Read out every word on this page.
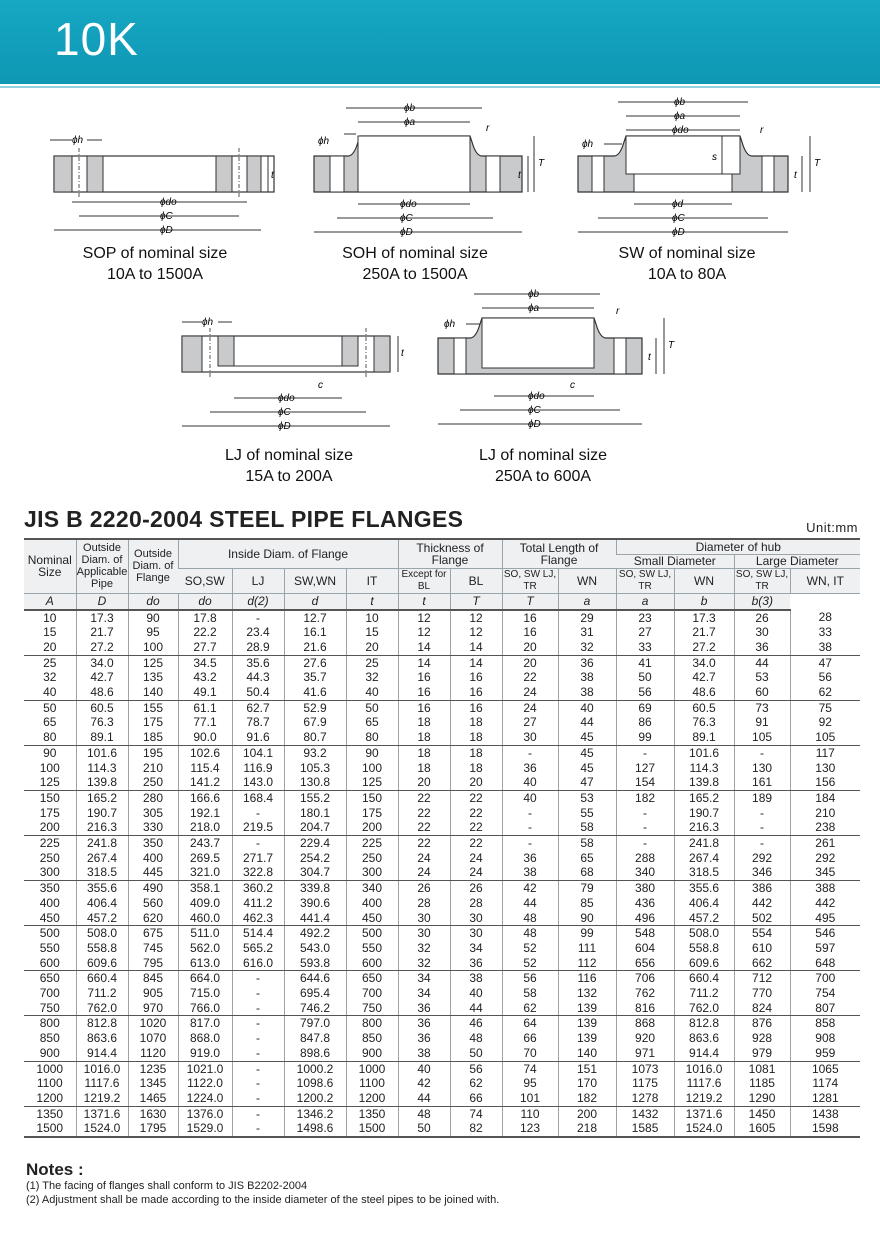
10K
ϕh
t
ϕdo
ϕC
ϕD
SOP of nominal size
10A to 1500A
ϕh
ϕb
ϕa
r
T
t
ϕdo
ϕC
ϕD
SOH of nominal size
250A to 1500A
ϕh
ϕb
ϕa
ϕdo	r
s
T
t
ϕd
ϕC
ϕD
SW of nominal size
10A to 80A
ϕh
t
c
ϕdo
ϕC
ϕD
LJ of nominal size
15A to 200A
ϕh
ϕb
ϕa	r
T
t
c
ϕdo
ϕC
ϕD
LJ of nominal size
250A to 600A
JIS B 2220-2004 STEEL PIPE FLANGES	Unit:mm
Nominal Size	Outside Diam. of Applicable Pipe	Outside Diam. of Flange	Inside Diam. of Flange				Thickness of Flange		Total Length of Flange		Diameter of hub			
											Small Diameter		Large Diameter	
			SO,SW	LJ	SW,WN	IT	Except for BL	BL	SO, SW LJ, TR	WN	SO, SW LJ, TR	WN	SO, SW LJ, TR	WN, IT
A	D	do	do	d(2)	d	t	t	T	T	a	a	b	b(3)	
10	17.3	90	17.8	-	12.7	10	12	12	16	29	23	17.3	26	28
15	21.7	95	22.2	23.4	16.1	15	12	12	16	31	27	21.7	30	33
20	27.2	100	27.7	28.9	21.6	20	14	14	20	32	33	27.2	36	38
25	34.0	125	34.5	35.6	27.6	25	14	14	20	36	41	34.0	44	47
32	42.7	135	43.2	44.3	35.7	32	16	16	22	38	50	42.7	53	56
40	48.6	140	49.1	50.4	41.6	40	16	16	24	38	56	48.6	60	62
50	60.5	155	61.1	62.7	52.9	50	16	16	24	40	69	60.5	73	75
65	76.3	175	77.1	78.7	67.9	65	18	18	27	44	86	76.3	91	92
80	89.1	185	90.0	91.6	80.7	80	18	18	30	45	99	89.1	105	105
90	101.6	195	102.6	104.1	93.2	90	18	18	-	45	-	101.6	-	117
100	114.3	210	115.4	116.9	105.3	100	18	18	36	45	127	114.3	130	130
125	139.8	250	141.2	143.0	130.8	125	20	20	40	47	154	139.8	161	156
150	165.2	280	166.6	168.4	155.2	150	22	22	40	53	182	165.2	189	184
175	190.7	305	192.1	-	180.1	175	22	22	-	55	-	190.7	-	210
200	216.3	330	218.0	219.5	204.7	200	22	22	-	58	-	216.3	-	238
225	241.8	350	243.7	-	229.4	225	22	22	-	58	-	241.8	-	261
250	267.4	400	269.5	271.7	254.2	250	24	24	36	65	288	267.4	292	292
300	318.5	445	321.0	322.8	304.7	300	24	24	38	68	340	318.5	346	345
350	355.6	490	358.1	360.2	339.8	340	26	26	42	79	380	355.6	386	388
400	406.4	560	409.0	411.2	390.6	400	28	28	44	85	436	406.4	442	442
450	457.2	620	460.0	462.3	441.4	450	30	30	48	90	496	457.2	502	495
500	508.0	675	511.0	514.4	492.2	500	30	30	48	99	548	508.0	554	546
550	558.8	745	562.0	565.2	543.0	550	32	34	52	111	604	558.8	610	597
600	609.6	795	613.0	616.0	593.8	600	32	36	52	112	656	609.6	662	648
650	660.4	845	664.0	-	644.6	650	34	38	56	116	706	660.4	712	700
700	711.2	905	715.0	-	695.4	700	34	40	58	132	762	711.2	770	754
750	762.0	970	766.0	-	746.2	750	36	44	62	139	816	762.0	824	807
800	812.8	1020	817.0	-	797.0	800	36	46	64	139	868	812.8	876	858
850	863.6	1070	868.0	-	847.8	850	36	48	66	139	920	863.6	928	908
900	914.4	1120	919.0	-	898.6	900	38	50	70	140	971	914.4	979	959
1000	1016.0	1235	1021.0	-	1000.2	1000	40	56	74	151	1073	1016.0	1081	1065
1100	1117.6	1345	1122.0	-	1098.6	1100	42	62	95	170	1175	1117.6	1185	1174
1200	1219.2	1465	1224.0	-	1200.2	1200	44	66	101	182	1278	1219.2	1290	1281
1350	1371.6	1630	1376.0	-	1346.2	1350	48	74	110	200	1432	1371.6	1450	1438
1500	1524.0	1795	1529.0	-	1498.6	1500	50	82	123	218	1585	1524.0	1605	1598
Notes :
(1) The facing of flanges shall conform to JIS B2202-2004
(2) Adjustment shall be made according to the inside diameter of the steel pipes to be joined with.
